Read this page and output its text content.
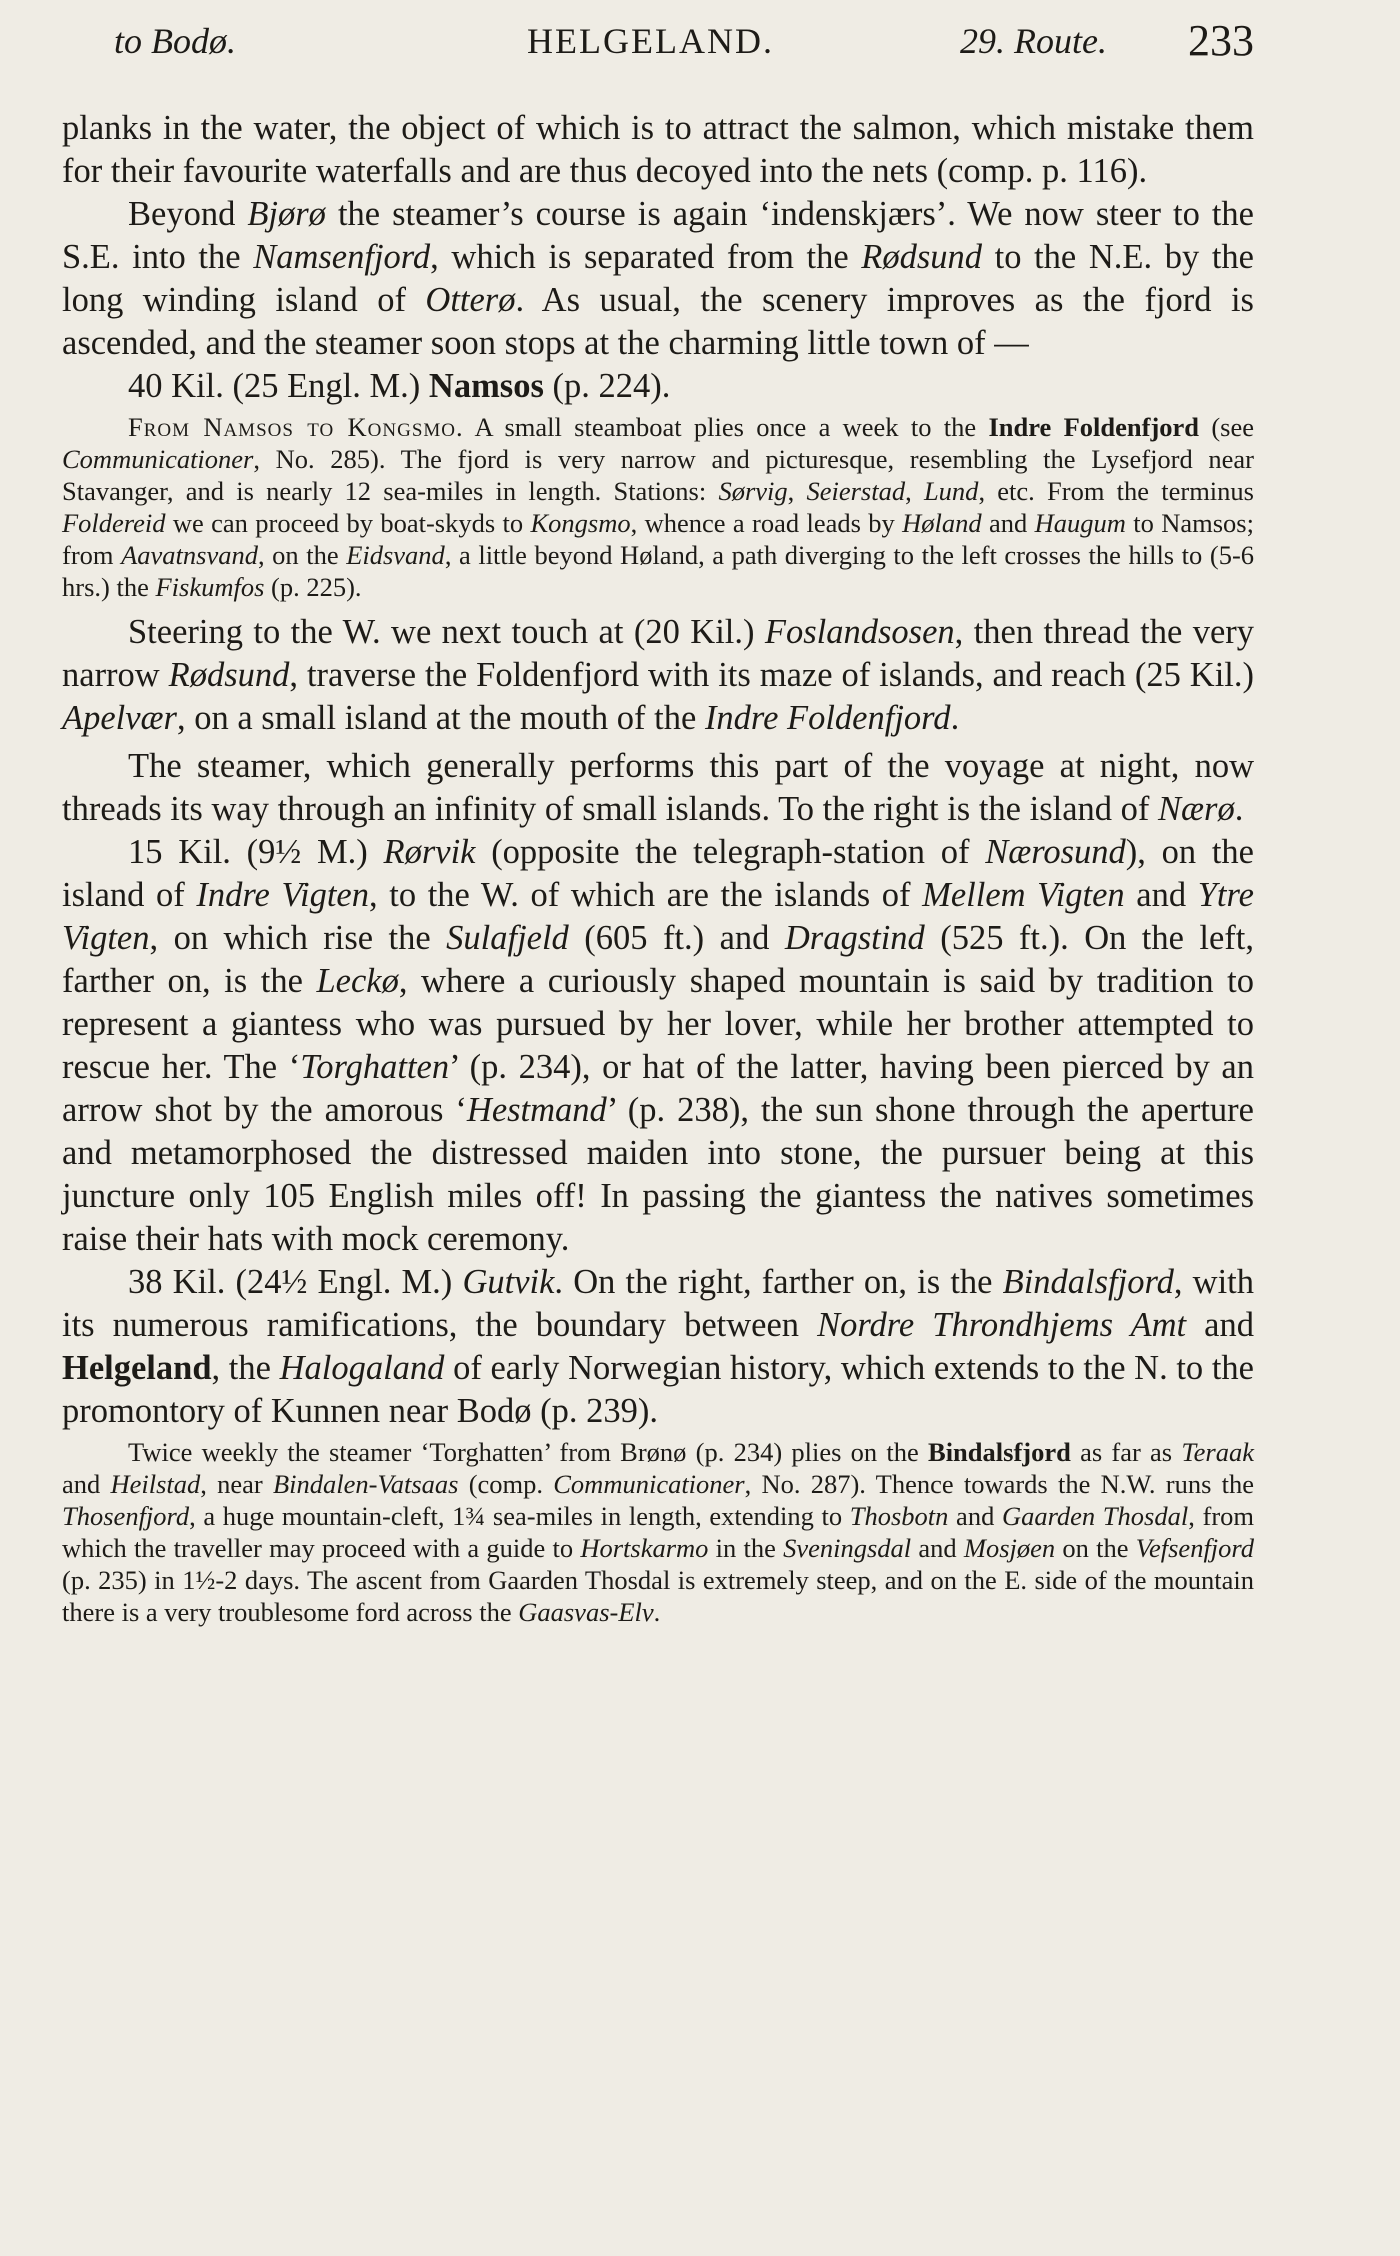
to Bodø.	HELGELAND.	29. Route. 233

planks in the water, the object of which is to attract the salmon, which mistake them for their favourite waterfalls and are thus decoyed into the nets (comp. p. 116).

Beyond Bjørø the steamer’s course is again ‘indenskjærs’. We now steer to the S.E. into the Namsenfjord, which is separated from the Rødsund to the N.E. by the long winding island of Otterø. As usual, the scenery improves as the fjord is ascended, and the steamer soon stops at the charming little town of —

40 Kil. (25 Engl. M.) Namsos (p. 224).

From Namsos to Kongsmo. A small steamboat plies once a week to the Indre Foldenfjord (see Communicationer, No. 285). The fjord is very narrow and picturesque, resembling the Lysefjord near Stavanger, and is nearly 12 sea-miles in length. Stations: Sørvig, Seierstad, Lund, etc. From the terminus Foldereid we can proceed by boat-skyds to Kongsmo, whence a road leads by Høland and Haugum to Namsos; from Aavatnsvand, on the Eidsvand, a little beyond Høland, a path diverging to the left crosses the hills to (5-6 hrs.) the Fiskumfos (p. 225).

Steering to the W. we next touch at (20 Kil.) Foslandsosen, then thread the very narrow Rødsund, traverse the Foldenfjord with its maze of islands, and reach (25 Kil.) Apelvær, on a small island at the mouth of the Indre Foldenfjord.

The steamer, which generally performs this part of the voyage at night, now threads its way through an infinity of small islands. To the right is the island of Nærø.

15 Kil. (9½ M.) Rørvik (opposite the telegraph-station of Nærosund), on the island of Indre Vigten, to the W. of which are the islands of Mellem Vigten and Ytre Vigten, on which rise the Sulafjeld (605 ft.) and Dragstind (525 ft.). On the left, farther on, is the Leckø, where a curiously shaped mountain is said by tradition to represent a giantess who was pursued by her lover, while her brother attempted to rescue her. The ‘Torghatten’ (p. 234), or hat of the latter, having been pierced by an arrow shot by the amorous ‘Hestmand’ (p. 238), the sun shone through the aperture and metamorphosed the distressed maiden into stone, the pursuer being at this juncture only 105 English miles off! In passing the giantess the natives sometimes raise their hats with mock ceremony.

38 Kil. (24½ Engl. M.) Gutvik. On the right, farther on, is the Bindalsfjord, with its numerous ramifications, the boundary between Nordre Throndhjems Amt and Helgeland, the Halogaland of early Norwegian history, which extends to the N. to the promontory of Kunnen near Bodø (p. 239).

Twice weekly the steamer ‘Torghatten’ from Brønø (p. 234) plies on the Bindalsfjord as far as Teraak and Heilstad, near Bindalen-Vatsaas (comp. Communicationer, No. 287). Thence towards the N.W. runs the Thosenfjord, a huge mountain-cleft, 1¾ sea-miles in length, extending to Thosbotn and Gaarden Thosdal, from which the traveller may proceed with a guide to Hortskarmo in the Sveningsdal and Mosjøen on the Vefsenfjord (p. 235) in 1½-2 days. The ascent from Gaarden Thosdal is extremely steep, and on the E. side of the mountain there is a very troublesome ford across the Gaasvas-Elv.
